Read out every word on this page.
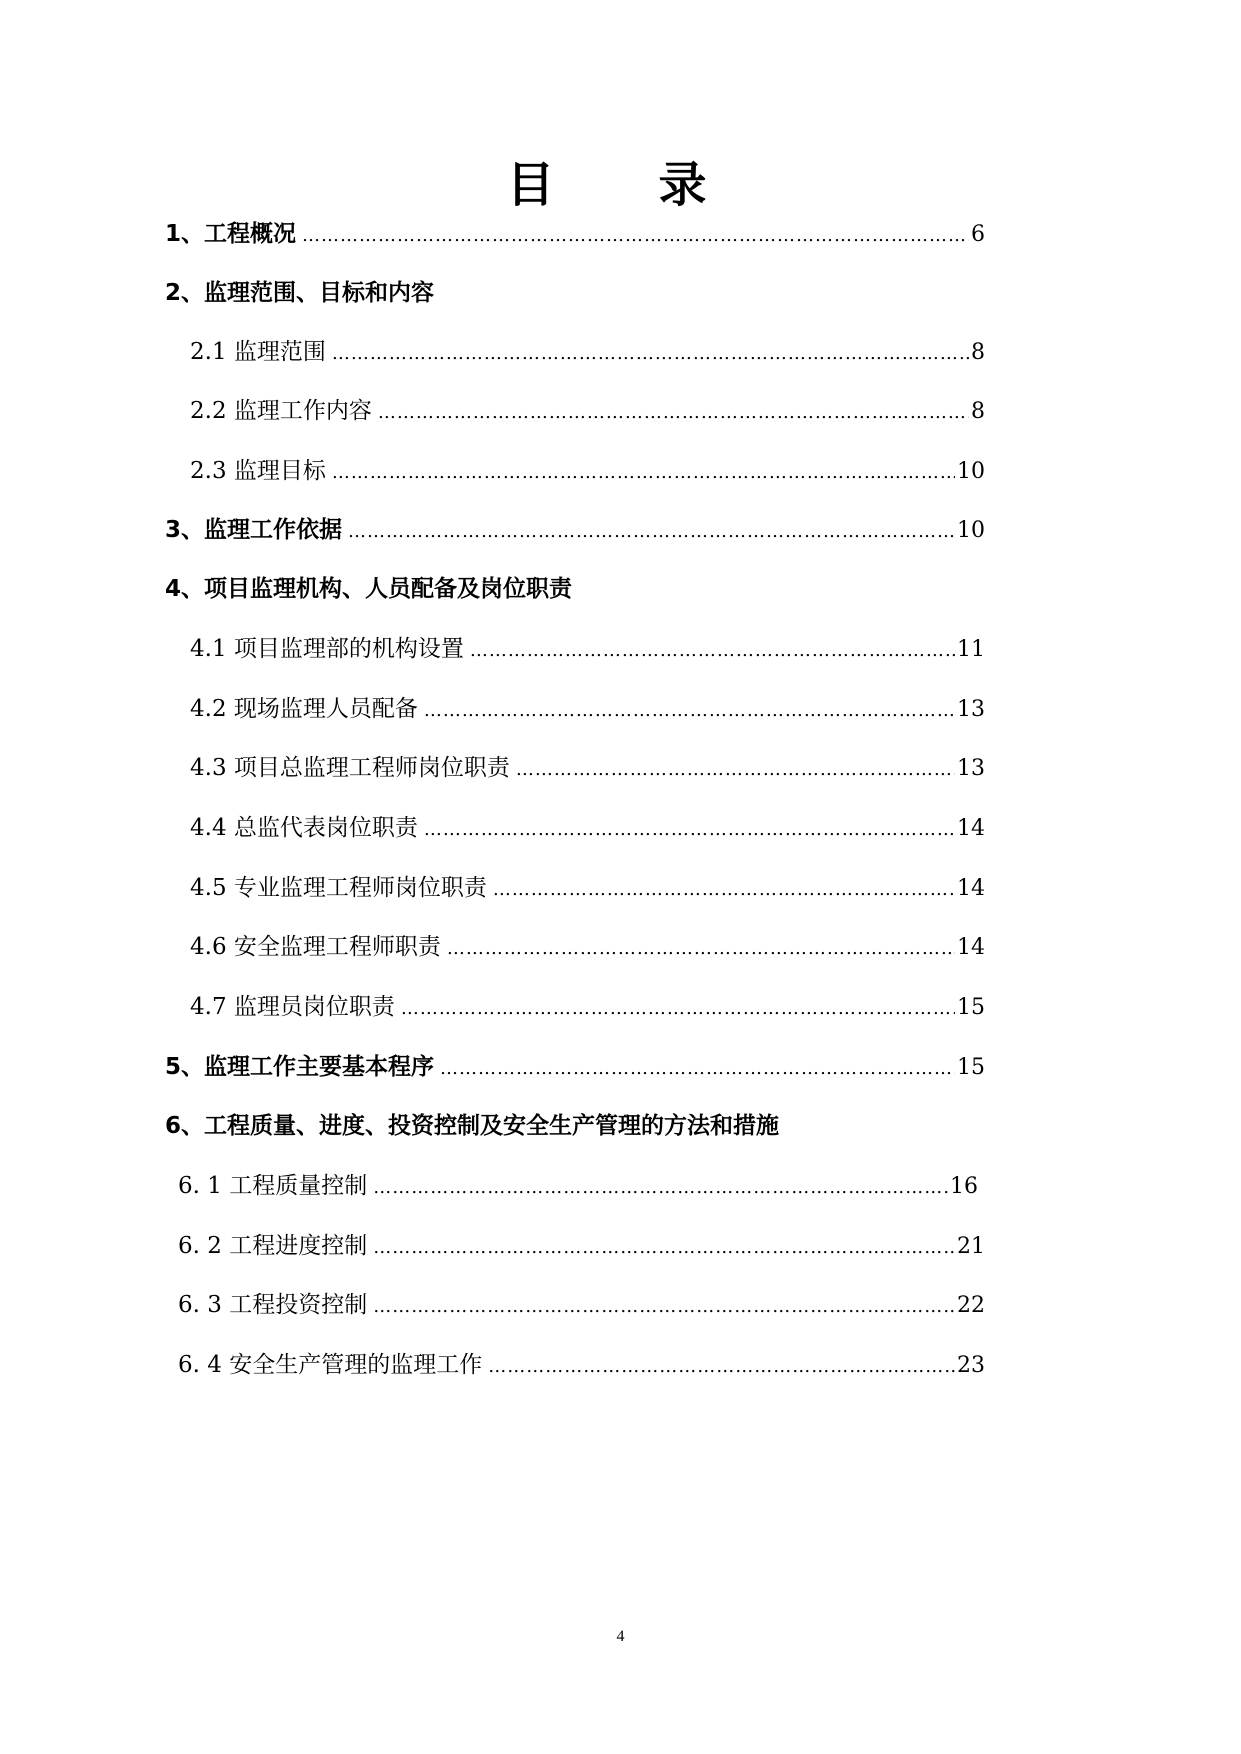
目　录
1、工程概况 ……………………………………………………………………………………………………………………………………………………………………………	6
2、监理范围、目标和内容
2.1 监理范围 ……………………………………………………………………………………………………………………………………………………………………………	8
2.2 监理工作内容 ……………………………………………………………………………………………………………………………………………………………………………	8
2.3 监理目标 ……………………………………………………………………………………………………………………………………………………………………………	10
3、监理工作依据 ……………………………………………………………………………………………………………………………………………………………………………	10
4、项目监理机构、人员配备及岗位职责
4.1 项目监理部的机构设置 ……………………………………………………………………………………………………………………………………………………………………………	11
4.2 现场监理人员配备 ……………………………………………………………………………………………………………………………………………………………………………	13
4.3 项目总监理工程师岗位职责 ……………………………………………………………………………………………………………………………………………………………………………	13
4.4 总监代表岗位职责 ……………………………………………………………………………………………………………………………………………………………………………	14
4.5 专业监理工程师岗位职责 ……………………………………………………………………………………………………………………………………………………………………………	14
4.6 安全监理工程师职责 ……………………………………………………………………………………………………………………………………………………………………………	14
4.7 监理员岗位职责 ……………………………………………………………………………………………………………………………………………………………………………	15
5、监理工作主要基本程序 ……………………………………………………………………………………………………………………………………………………………………………	15
6、工程质量、进度、投资控制及安全生产管理的方法和措施
6. 1 工程质量控制 ……………………………………………………………………………………………………………………………………………………………………………	16
6. 2 工程进度控制 ……………………………………………………………………………………………………………………………………………………………………………	21
6. 3 工程投资控制 ……………………………………………………………………………………………………………………………………………………………………………	22
6. 4 安全生产管理的监理工作 ……………………………………………………………………………………………………………………………………………………………………………	23
4
